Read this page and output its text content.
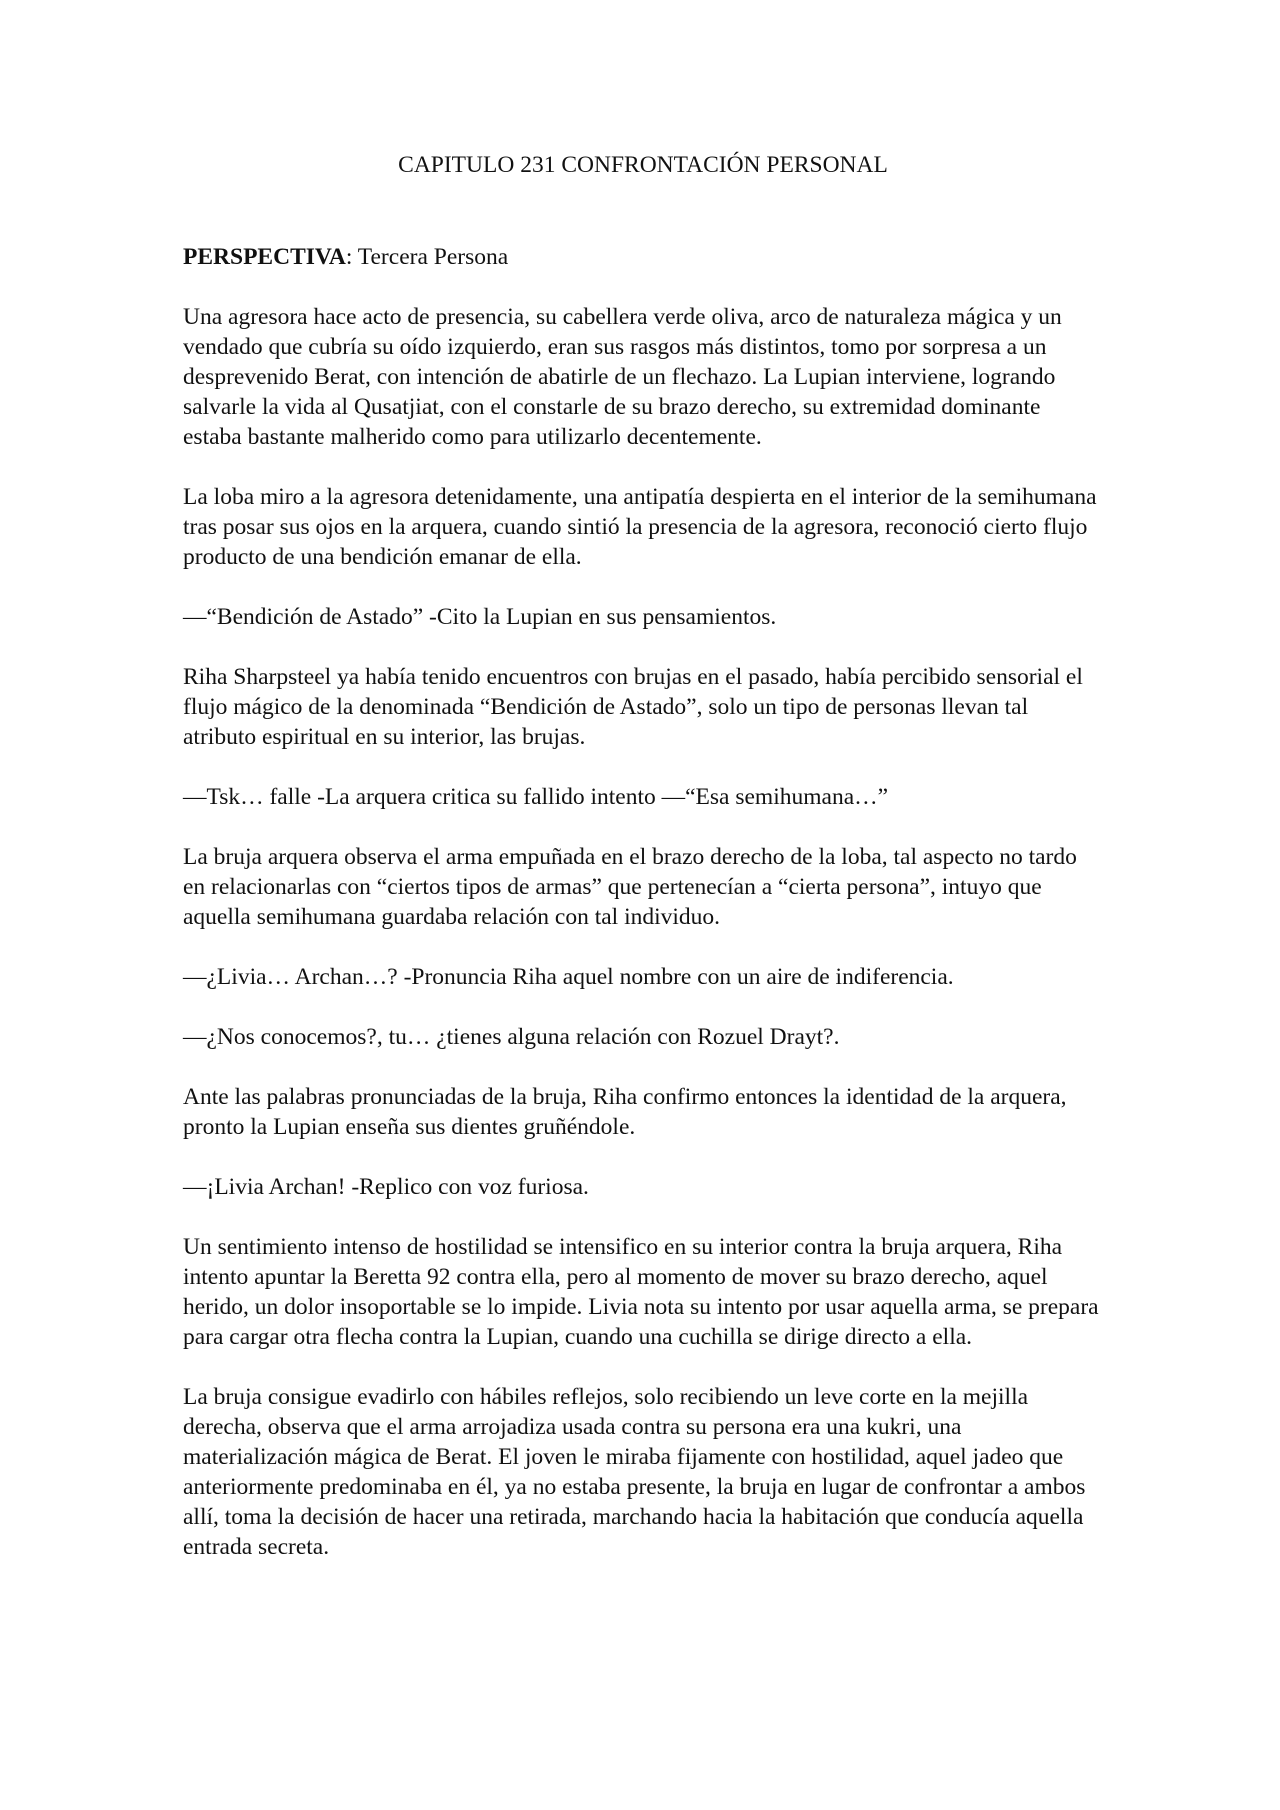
CAPITULO 231 CONFRONTACIÓN PERSONAL
PERSPECTIVA: Tercera Persona
Una agresora hace acto de presencia, su cabellera verde oliva, arco de naturaleza mágica y un vendado que cubría su oído izquierdo, eran sus rasgos más distintos, tomo por sorpresa a un desprevenido Berat, con intención de abatirle de un flechazo. La Lupian interviene, logrando salvarle la vida al Qusatjiat, con el constarle de su brazo derecho, su extremidad dominante estaba bastante malherido como para utilizarlo decentemente.
La loba miro a la agresora detenidamente, una antipatía despierta en el interior de la semihumana tras posar sus ojos en la arquera, cuando sintió la presencia de la agresora, reconoció cierto flujo producto de una bendición emanar de ella.
—“Bendición de Astado” -Cito la Lupian en sus pensamientos.
Riha Sharpsteel ya había tenido encuentros con brujas en el pasado, había percibido sensorial el flujo mágico de la denominada “Bendición de Astado”, solo un tipo de personas llevan tal atributo espiritual en su interior, las brujas.
—Tsk… falle -La arquera critica su fallido intento —“Esa semihumana…”
La bruja arquera observa el arma empuñada en el brazo derecho de la loba, tal aspecto no tardo en relacionarlas con “ciertos tipos de armas” que pertenecían a “cierta persona”, intuyo que aquella semihumana guardaba relación con tal individuo.
—¿Livia… Archan…? -Pronuncia Riha aquel nombre con un aire de indiferencia.
—¿Nos conocemos?, tu… ¿tienes alguna relación con Rozuel Drayt?.
Ante las palabras pronunciadas de la bruja, Riha confirmo entonces la identidad de la arquera, pronto la Lupian enseña sus dientes gruñéndole.
—¡Livia Archan! -Replico con voz furiosa.
Un sentimiento intenso de hostilidad se intensifico en su interior contra la bruja arquera, Riha intento apuntar la Beretta 92 contra ella, pero al momento de mover su brazo derecho, aquel herido, un dolor insoportable se lo impide. Livia nota su intento por usar aquella arma, se prepara para cargar otra flecha contra la Lupian, cuando una cuchilla se dirige directo a ella.
La bruja consigue evadirlo con hábiles reflejos, solo recibiendo un leve corte en la mejilla derecha, observa que el arma arrojadiza usada contra su persona era una kukri, una materialización mágica de Berat. El joven le miraba fijamente con hostilidad, aquel jadeo que anteriormente predominaba en él, ya no estaba presente, la bruja en lugar de confrontar a ambos allí, toma la decisión de hacer una retirada, marchando hacia la habitación que conducía aquella entrada secreta.
